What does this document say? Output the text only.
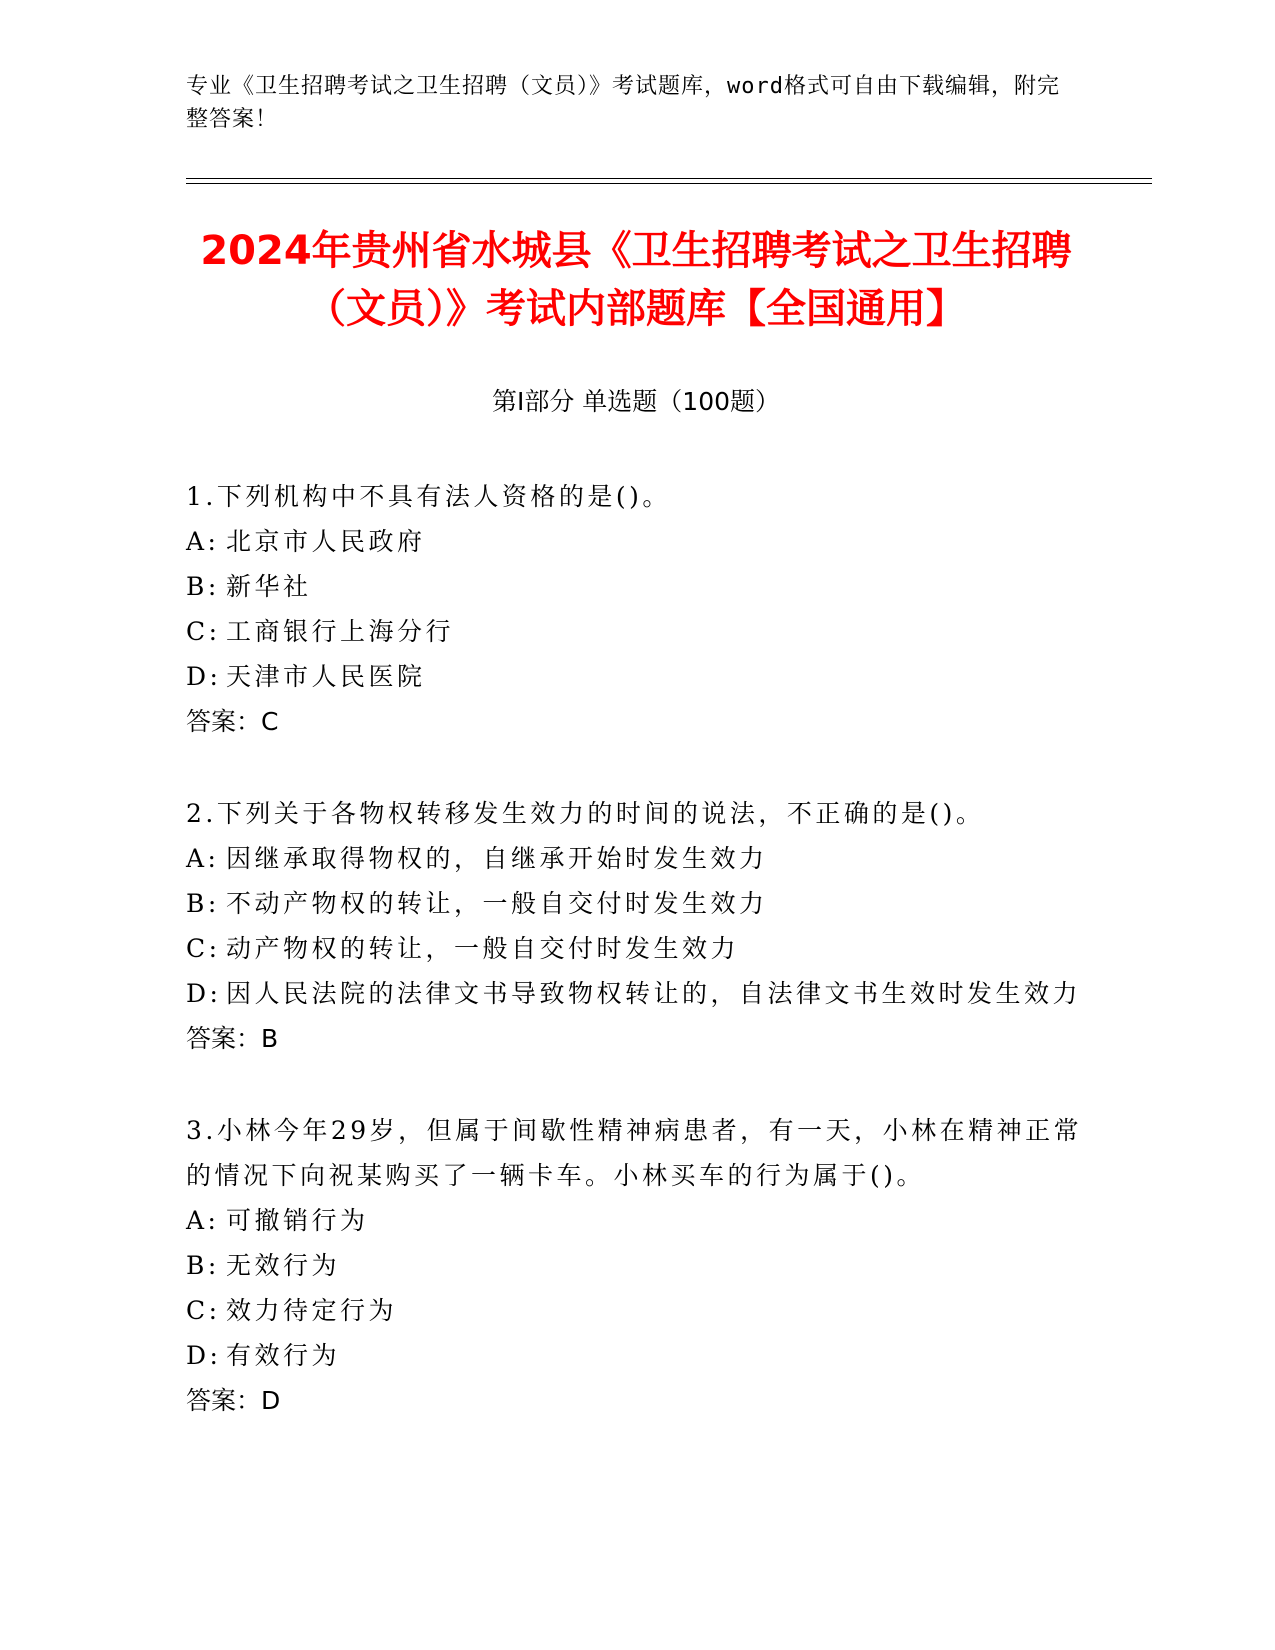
专业《卫生招聘考试之卫生招聘（文员）》考试题库，word格式可自由下载编辑，附完整答案！
2024年贵州省水城县《卫生招聘考试之卫生招聘（文员）》考试内部题库【全国通用】
第I部分 单选题（100题）
1.下列机构中不具有法人资格的是()。
A: 北京市人民政府
B: 新华社
C: 工商银行上海分行
D: 天津市人民医院
答案：C
2.下列关于各物权转移发生效力的时间的说法，不正确的是()。
A: 因继承取得物权的，自继承开始时发生效力
B: 不动产物权的转让，一般自交付时发生效力
C: 动产物权的转让，一般自交付时发生效力
D: 因人民法院的法律文书导致物权转让的，自法律文书生效时发生效力
答案：B
3.小林今年29岁，但属于间歇性精神病患者，有一天，小林在精神正常的情况下向祝某购买了一辆卡车。小林买车的行为属于()。
A: 可撤销行为
B: 无效行为
C: 效力待定行为
D: 有效行为
答案：D
